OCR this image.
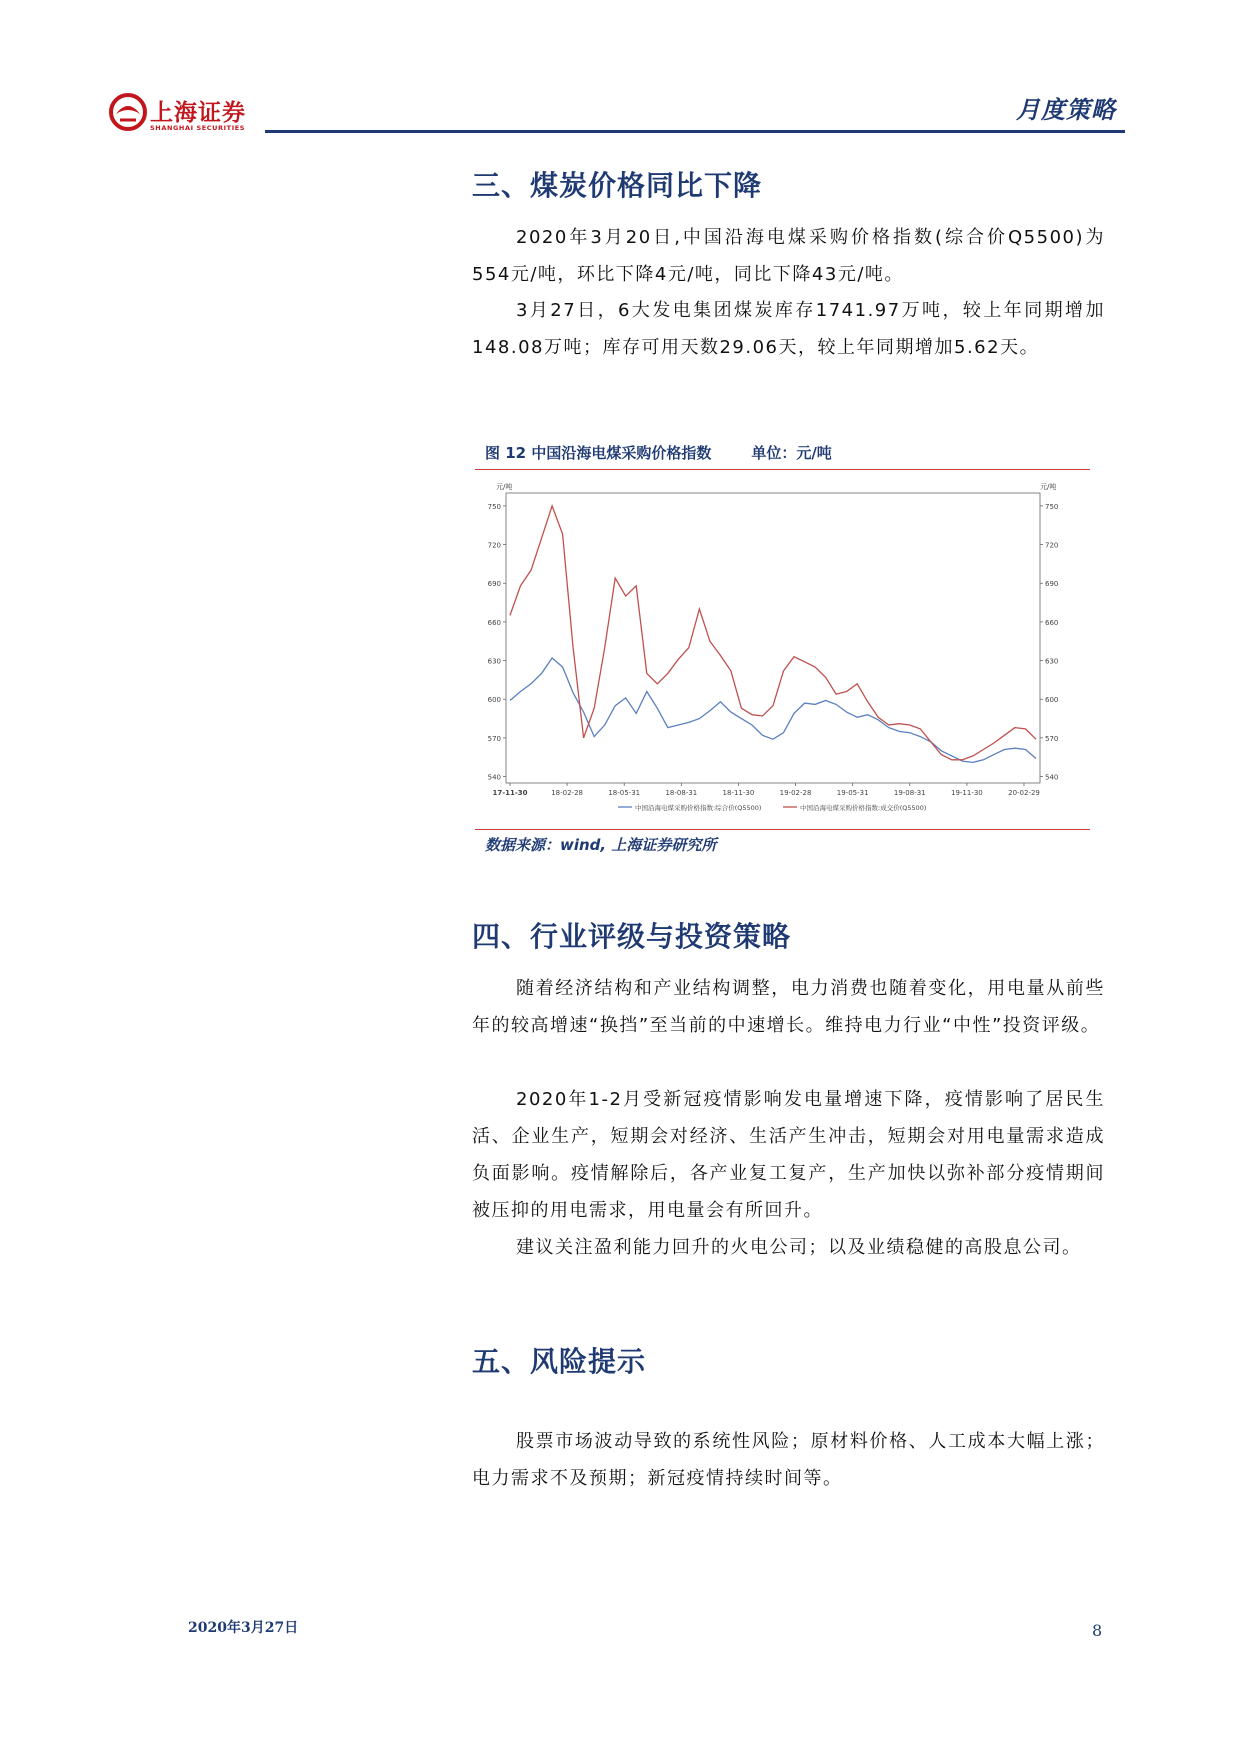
上海证券
SHANGHAI SECURITIES
月度策略
三、煤炭价格同比下降
2020年3月20日,中国沿海电煤采购价格指数(综合价Q5500)为554元/吨，环比下降4元/吨，同比下降43元/吨。
3月27日，6大发电集团煤炭库存1741.97万吨，较上年同期增加148.08万吨；库存可用天数29.06天，较上年同期增加5.62天。
图 12 中国沿海电煤采购价格指数	单位：元/吨
元/吨	元/吨
540
570
600
630
660
690
720
750
540
570
600
630
660
690
720
750
17-11-30	18-02-28	18-05-31	18-08-31	18-11-30	19-02-28	19-05-31	19-08-31	19-11-30	20-02-29
中国沿海电煤采购价格指数:综合价(Q5500)	中国沿海电煤采购价格指数:成交价(Q5500)
数据来源：wind, 上海证券研究所
四、行业评级与投资策略
随着经济结构和产业结构调整，电力消费也随着变化，用电量从前些年的较高增速“换挡”至当前的中速增长。维持电力行业“中性”投资评级。
2020年1-2月受新冠疫情影响发电量增速下降，疫情影响了居民生活、企业生产，短期会对经济、生活产生冲击，短期会对用电量需求造成负面影响。疫情解除后，各产业复工复产，生产加快以弥补部分疫情期间被压抑的用电需求，用电量会有所回升。
建议关注盈利能力回升的火电公司；以及业绩稳健的高股息公司。
五、风险提示
股票市场波动导致的系统性风险；原材料价格、人工成本大幅上涨；电力需求不及预期；新冠疫情持续时间等。
2020年3月27日	8
